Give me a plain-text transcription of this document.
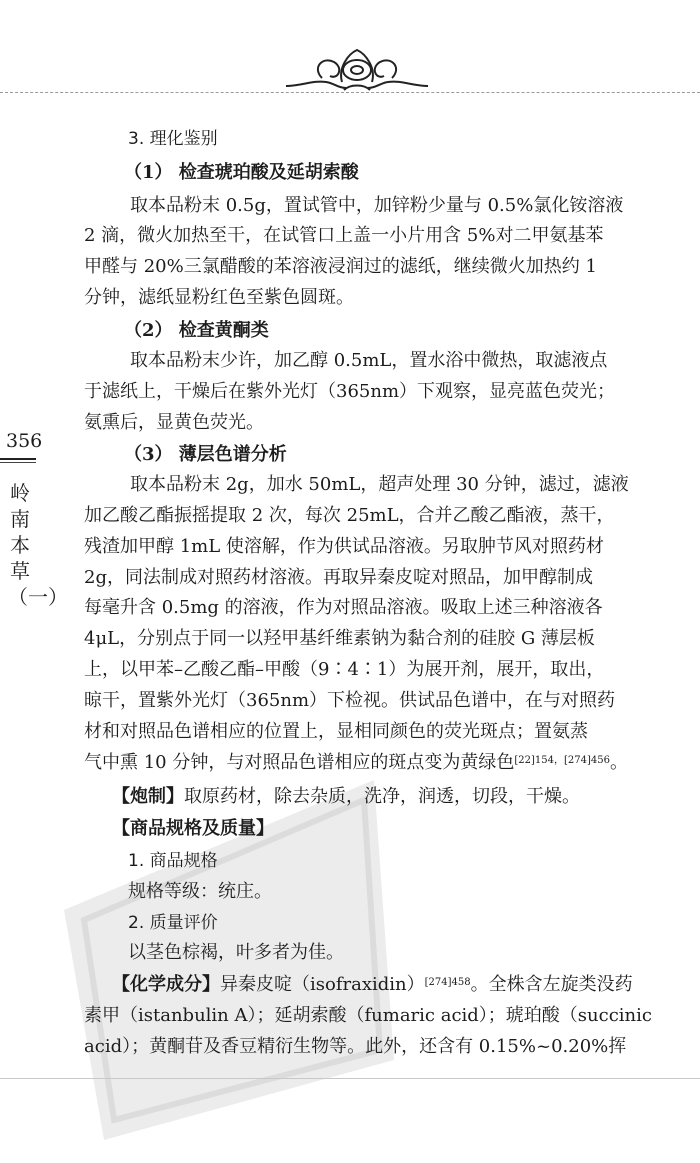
356
岭南本草（一）
3. 理化鉴别
（1） 检查琥珀酸及延胡索酸
取本品粉末 0.5g，置试管中，加锌粉少量与 0.5%氯化铵溶液
2 滴，微火加热至干，在试管口上盖一小片用含 5%对二甲氨基苯
甲醛与 20%三氯醋酸的苯溶液浸润过的滤纸，继续微火加热约 1
分钟，滤纸显粉红色至紫色圆斑。
（2） 检查黄酮类
取本品粉末少许，加乙醇 0.5mL，置水浴中微热，取滤液点
于滤纸上，干燥后在紫外光灯（365nm）下观察，显亮蓝色荧光；
氨熏后，显黄色荧光。
（3） 薄层色谱分析
取本品粉末 2g，加水 50mL，超声处理 30 分钟，滤过，滤液
加乙酸乙酯振摇提取 2 次，每次 25mL，合并乙酸乙酯液，蒸干，
残渣加甲醇 1mL 使溶解，作为供试品溶液。另取肿节风对照药材
2g，同法制成对照药材溶液。再取异秦皮啶对照品，加甲醇制成
每毫升含 0.5mg 的溶液，作为对照品溶液。吸取上述三种溶液各
4μL，分别点于同一以羟甲基纤维素钠为黏合剂的硅胶 G 薄层板
上，以甲苯–乙酸乙酯–甲酸（9∶4∶1）为展开剂，展开，取出，
晾干，置紫外光灯（365nm）下检视。供试品色谱中，在与对照药
材和对照品色谱相应的位置上，显相同颜色的荧光斑点；置氨蒸
气中熏 10 分钟，与对照品色谱相应的斑点变为黄绿色$^{[22]154,[274]456}$。
【炮制】取原药材，除去杂质，洗净，润透，切段，干燥。
【商品规格及质量】
1. 商品规格
规格等级：统庄。
2. 质量评价
以茎色棕褐，叶多者为佳。
【化学成分】异秦皮啶（isofraxidin）$^{[274]458}$。全株含左旋类没药
素甲（istanbulin A）；延胡索酸（fumaric acid）；琥珀酸（succinic
acid）；黄酮苷及香豆精衍生物等。此外，还含有 0.15%~0.20%挥
